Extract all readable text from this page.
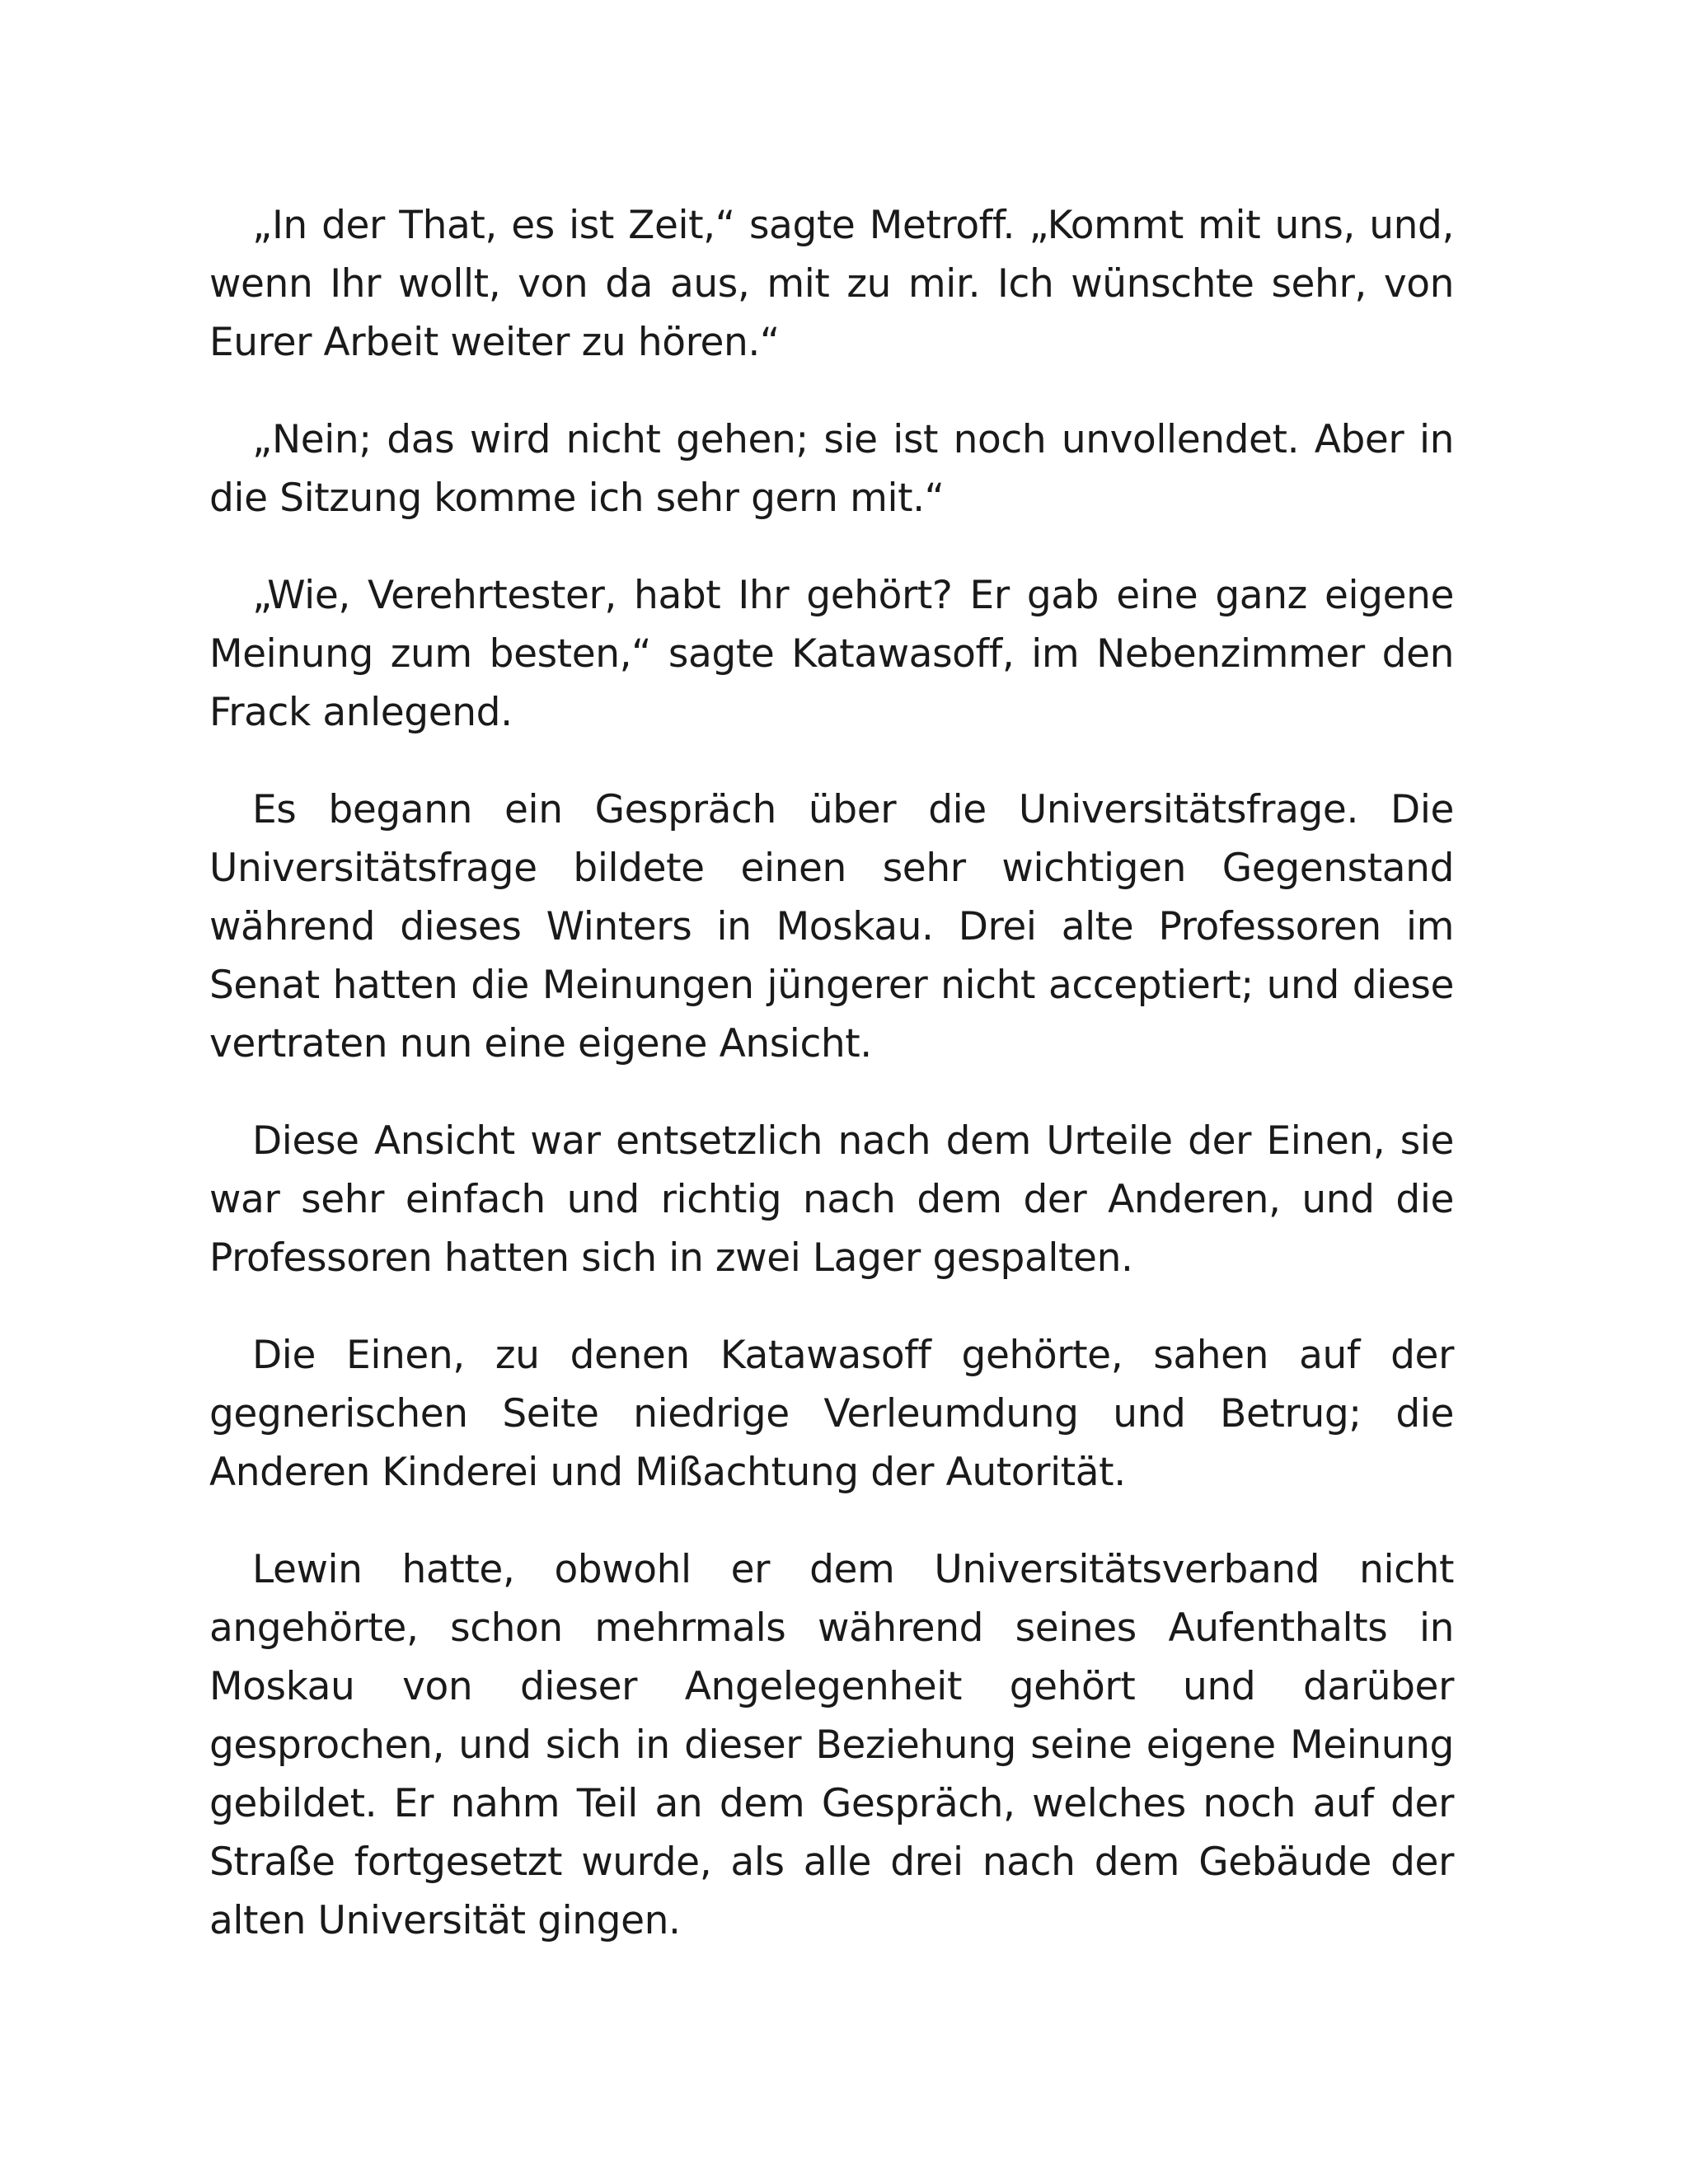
„In der That, es ist Zeit,“ sagte Metroff. „Kommt mit uns, und, wenn Ihr wollt, von da aus, mit zu mir. Ich wünschte sehr, von Eurer Arbeit weiter zu hören.“

„Nein; das wird nicht gehen; sie ist noch unvollendet. Aber in die Sitzung komme ich sehr gern mit.“

„Wie, Verehrtester, habt Ihr gehört? Er gab eine ganz eigene Meinung zum besten,“ sagte Katawasoff, im Nebenzimmer den Frack anlegend.

Es begann ein Gespräch über die Universitätsfrage. Die Universitätsfrage bildete einen sehr wichtigen Gegenstand während dieses Winters in Moskau. Drei alte Professoren im Senat hatten die Meinungen jüngerer nicht acceptiert; und diese vertraten nun eine eigene Ansicht.

Diese Ansicht war entsetzlich nach dem Urteile der Einen, sie war sehr einfach und richtig nach dem der Anderen, und die Professoren hatten sich in zwei Lager gespalten.

Die Einen, zu denen Katawasoff gehörte, sahen auf der gegnerischen Seite niedrige Verleumdung und Betrug; die Anderen Kinderei und Mißachtung der Autorität.

Lewin hatte, obwohl er dem Universitätsverband nicht angehörte, schon mehrmals während seines Aufenthalts in Moskau von dieser Angelegenheit gehört und darüber gesprochen, und sich in dieser Beziehung seine eigene Meinung gebildet. Er nahm Teil an dem Gespräch, welches noch auf der Straße fortgesetzt wurde, als alle drei nach dem Gebäude der alten Universität gingen.
